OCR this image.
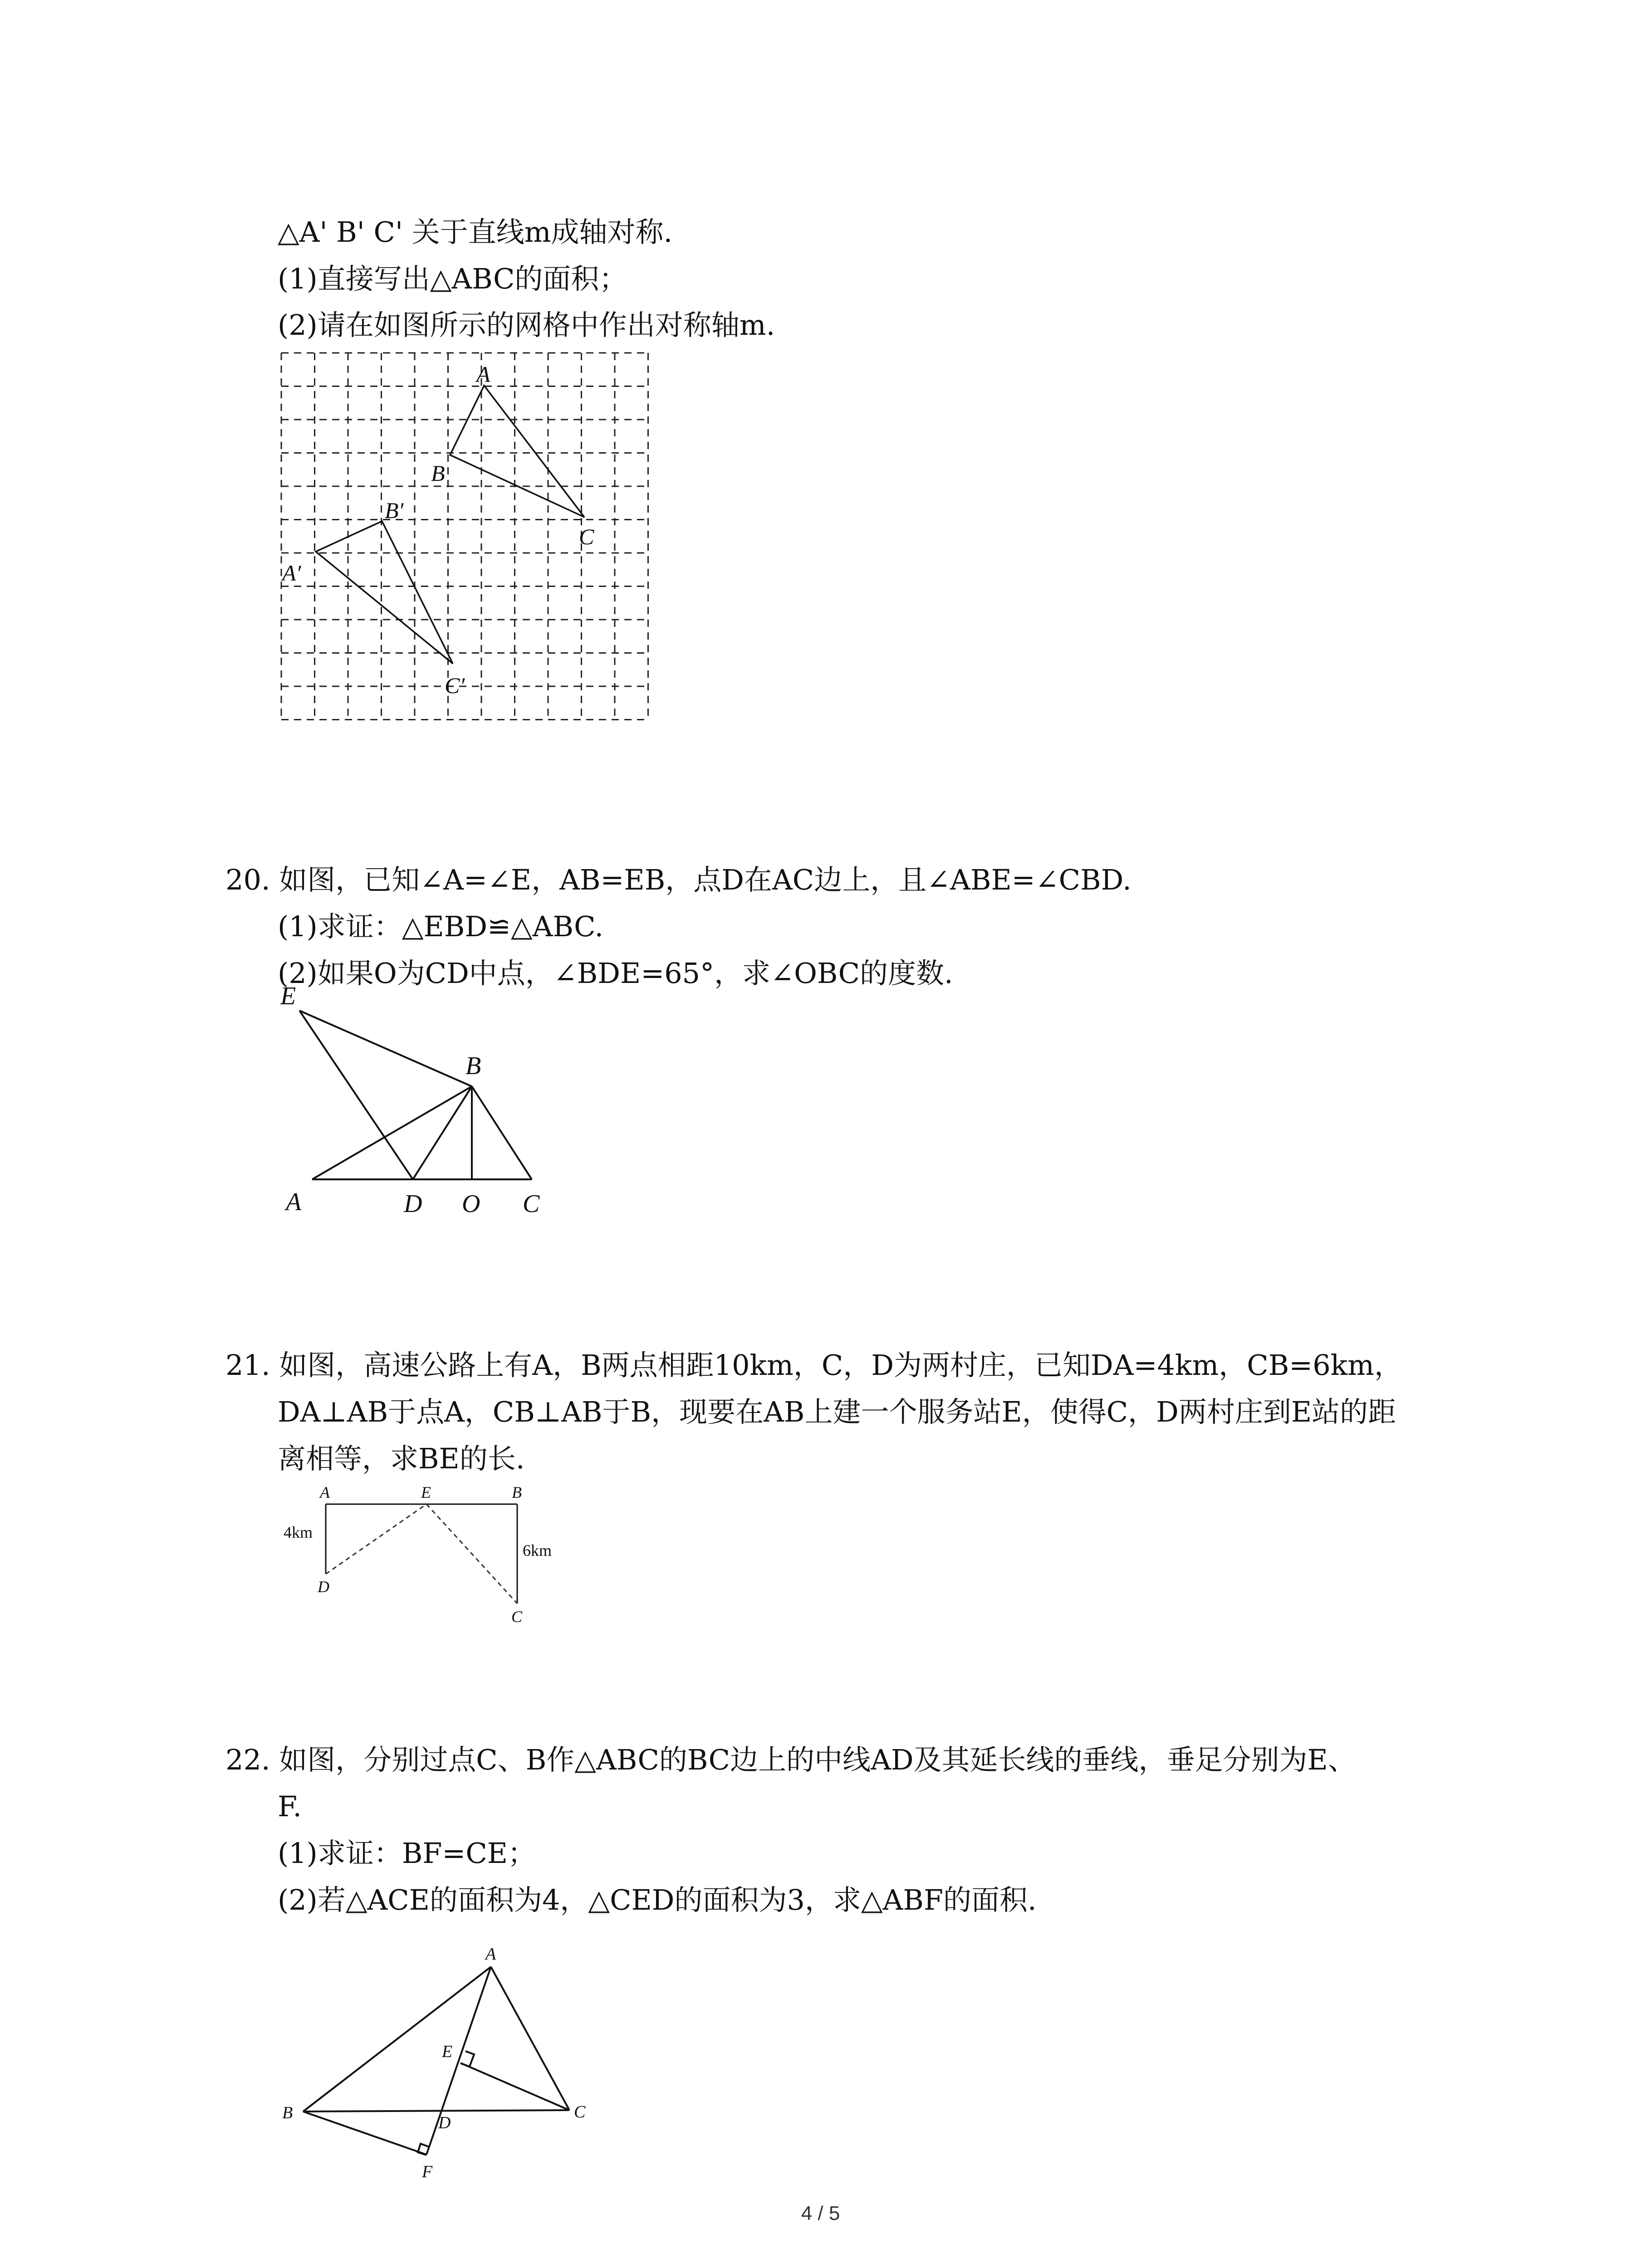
△A' B' C' 关于直线m成轴对称.
(1)直接写出△ABC的面积；
(2)请在如图所示的网格中作出对称轴m.
A
B
C
A′
B′
C′
20. 如图，已知∠A=∠E，AB=EB，点D在AC边上，且∠ABE=∠CBD.
(1)求证：△EBD≌△ABC.
(2)如果O为CD中点，∠BDE=65°，求∠OBC的度数.
E
B
A	D O C
21. 如图，高速公路上有A，B两点相距10km，C，D为两村庄，已知DA=4km，CB=6km，
DA⊥AB于点A，CB⊥AB于B，现要在AB上建一个服务站E，使得C，D两村庄到E站的距
离相等，求BE的长.
A	E	B
D
C
4km
6km
22. 如图，分别过点C、B作△ABC的BC边上的中线AD及其延长线的垂线，垂足分别为E、
F.
(1)求证：BF=CE；
(2)若△ACE的面积为4，△CED的面积为3，求△ABF的面积.
A
E
B
D
C
F
4 / 5
